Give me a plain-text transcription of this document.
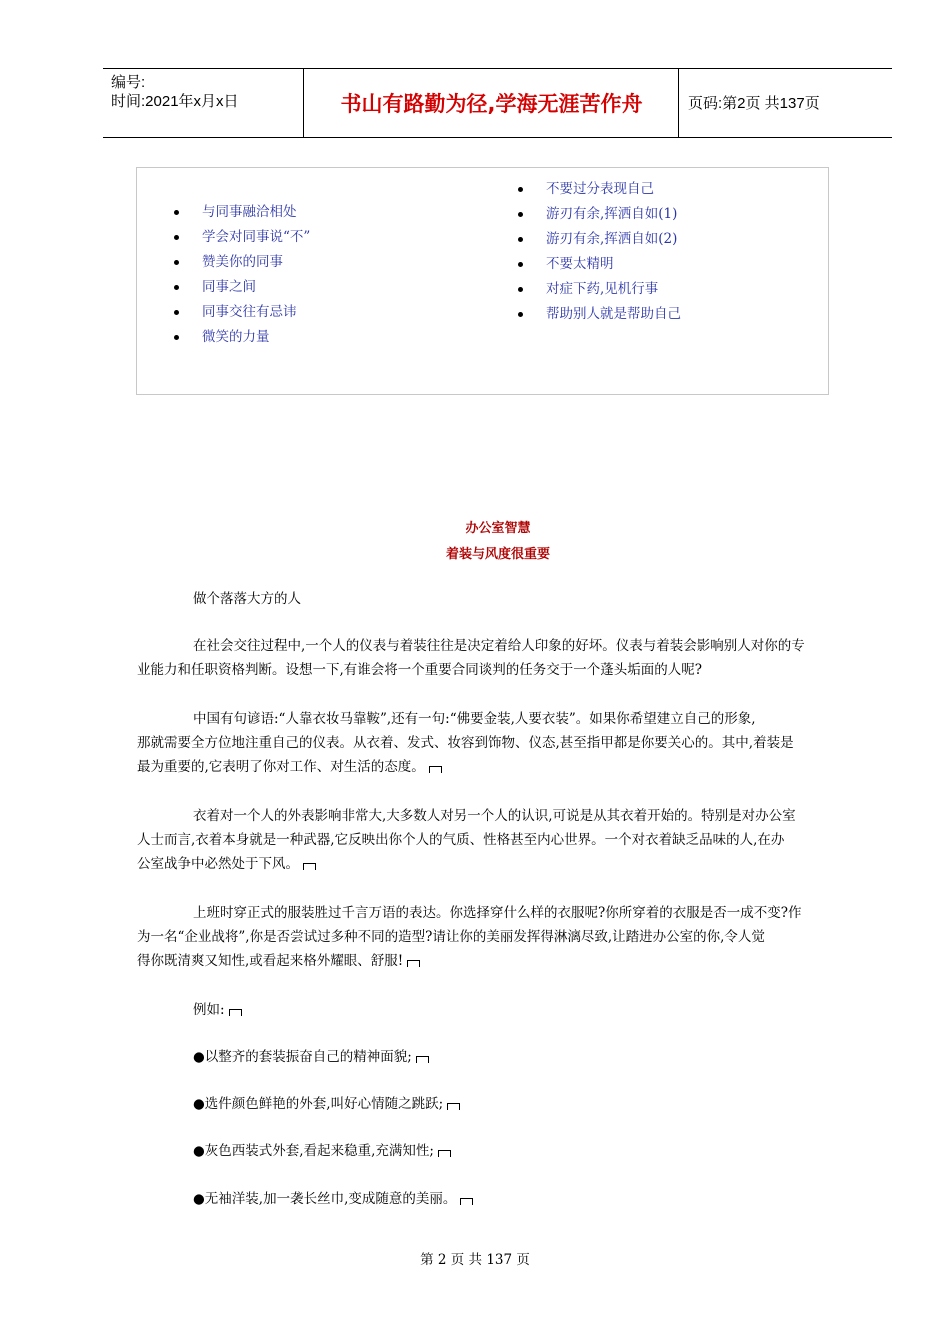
编号:
时间:2021年x月x日	书山有路勤为径,学海无涯苦作舟	页码:第2页 共137页
与同事融洽相处
学会对同事说“不”
赞美你的同事
同事之间
同事交往有忌讳
微笑的力量
不要过分表现自己
游刃有余,挥洒自如(1)
游刃有余,挥洒自如(2)
不要太精明
对症下药,见机行事
帮助别人就是帮助自己
办公室智慧
着装与风度很重要
做个落落大方的人
在社会交往过程中,一个人的仪表与着装往往是决定着给人印象的好坏。仪表与着装会影响别人对你的专
业能力和任职资格判断。设想一下,有谁会将一个重要合同谈判的任务交于一个蓬头垢面的人呢?
中国有句谚语:“人靠衣妆马靠鞍”,还有一句:“佛要金装,人要衣装”。如果你希望建立自己的形象,
那就需要全方位地注重自己的仪表。从衣着、发式、妆容到饰物、仪态,甚至指甲都是你要关心的。其中,着装是
最为重要的,它表明了你对工作、对生活的态度。
衣着对一个人的外表影响非常大,大多数人对另一个人的认识,可说是从其衣着开始的。特别是对办公室
人士而言,衣着本身就是一种武器,它反映出你个人的气质、性格甚至内心世界。一个对衣着缺乏品味的人,在办
公室战争中必然处于下风。
上班时穿正式的服装胜过千言万语的表达。你选择穿什么样的衣服呢?你所穿着的衣服是否一成不变?作
为一名“企业战将”,你是否尝试过多种不同的造型?请让你的美丽发挥得淋漓尽致,让踏进办公室的你,令人觉
得你既清爽又知性,或看起来格外耀眼、舒服!
例如:
●以整齐的套装振奋自己的精神面貌;
●选件颜色鲜艳的外套,叫好心情随之跳跃;
●灰色西装式外套,看起来稳重,充满知性;
●无袖洋装,加一袭长丝巾,变成随意的美丽。
第 2 页 共 137 页
